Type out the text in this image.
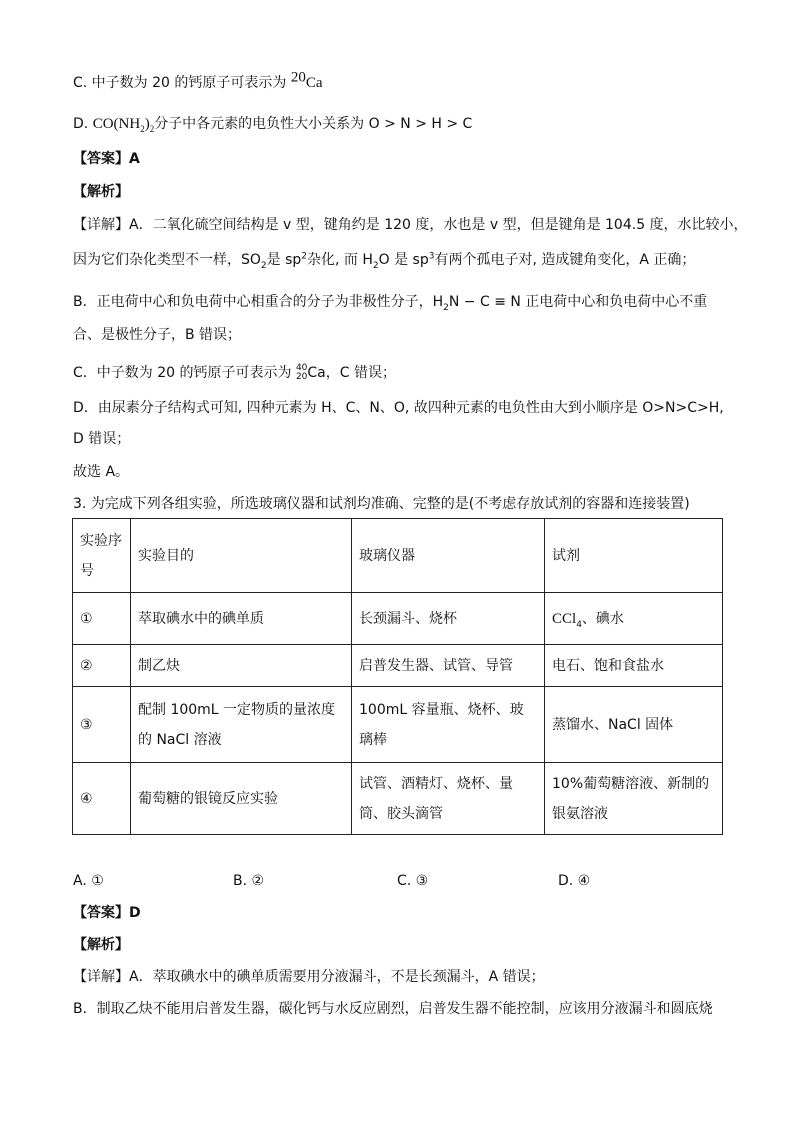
C. 中子数为 20 的钙原子可表示为 $^{20}$Ca
D. $CO(NH_2)_2$分子中各元素的电负性大小关系为 O > N > H > C
【答案】A
【解析】
【详解】A．二氧化硫空间结构是 v 型，键角约是 120 度，水也是 v 型，但是键角是 104.5 度，水比较小，
因为它们杂化类型不一样，$SO_2$是 $sp^2$杂化, 而 $H_2O$ 是 $sp^3$有两个孤电子对, 造成键角变化，A 正确；
B．正电荷中心和负电荷中心相重合的分子为非极性分子，$H_2N - C \equiv N$ 正电荷中心和负电荷中心不重
合、是极性分子，B 错误；
C．中子数为 20 的钙原子可表示为 40
20 Ca，C 错误；
D．由尿素分子结构式可知, 四种元素为 H、C、N、O, 故四种元素的电负性由大到小顺序是 O>N>C>H,
D 错误；
故选 A。
3. 为完成下列各组实验，所选玻璃仪器和试剂均准确、完整的是(不考虑存放试剂的容器和连接装置)
实验序号	实验目的	玻璃仪器	试剂
①	萃取碘水中的碘单质	长颈漏斗、烧杯	CCl$_4$、碘水
②	制乙炔	启普发生器、试管、导管	电石、饱和食盐水
③	配制 100mL 一定物质的量浓度的 NaCl 溶液	100mL 容量瓶、烧杯、玻璃棒	蒸馏水、NaCl 固体
④	葡萄糖的银镜反应实验	试管、酒精灯、烧杯、量筒、胶头滴管	10%葡萄糖溶液、新制的银氨溶液
A. ①	B. ②	C. ③	D. ④
【答案】D
【解析】
【详解】A．萃取碘水中的碘单质需要用分液漏斗，不是长颈漏斗，A 错误；
B．制取乙炔不能用启普发生器，碳化钙与水反应剧烈，启普发生器不能控制，应该用分液漏斗和圆底烧
